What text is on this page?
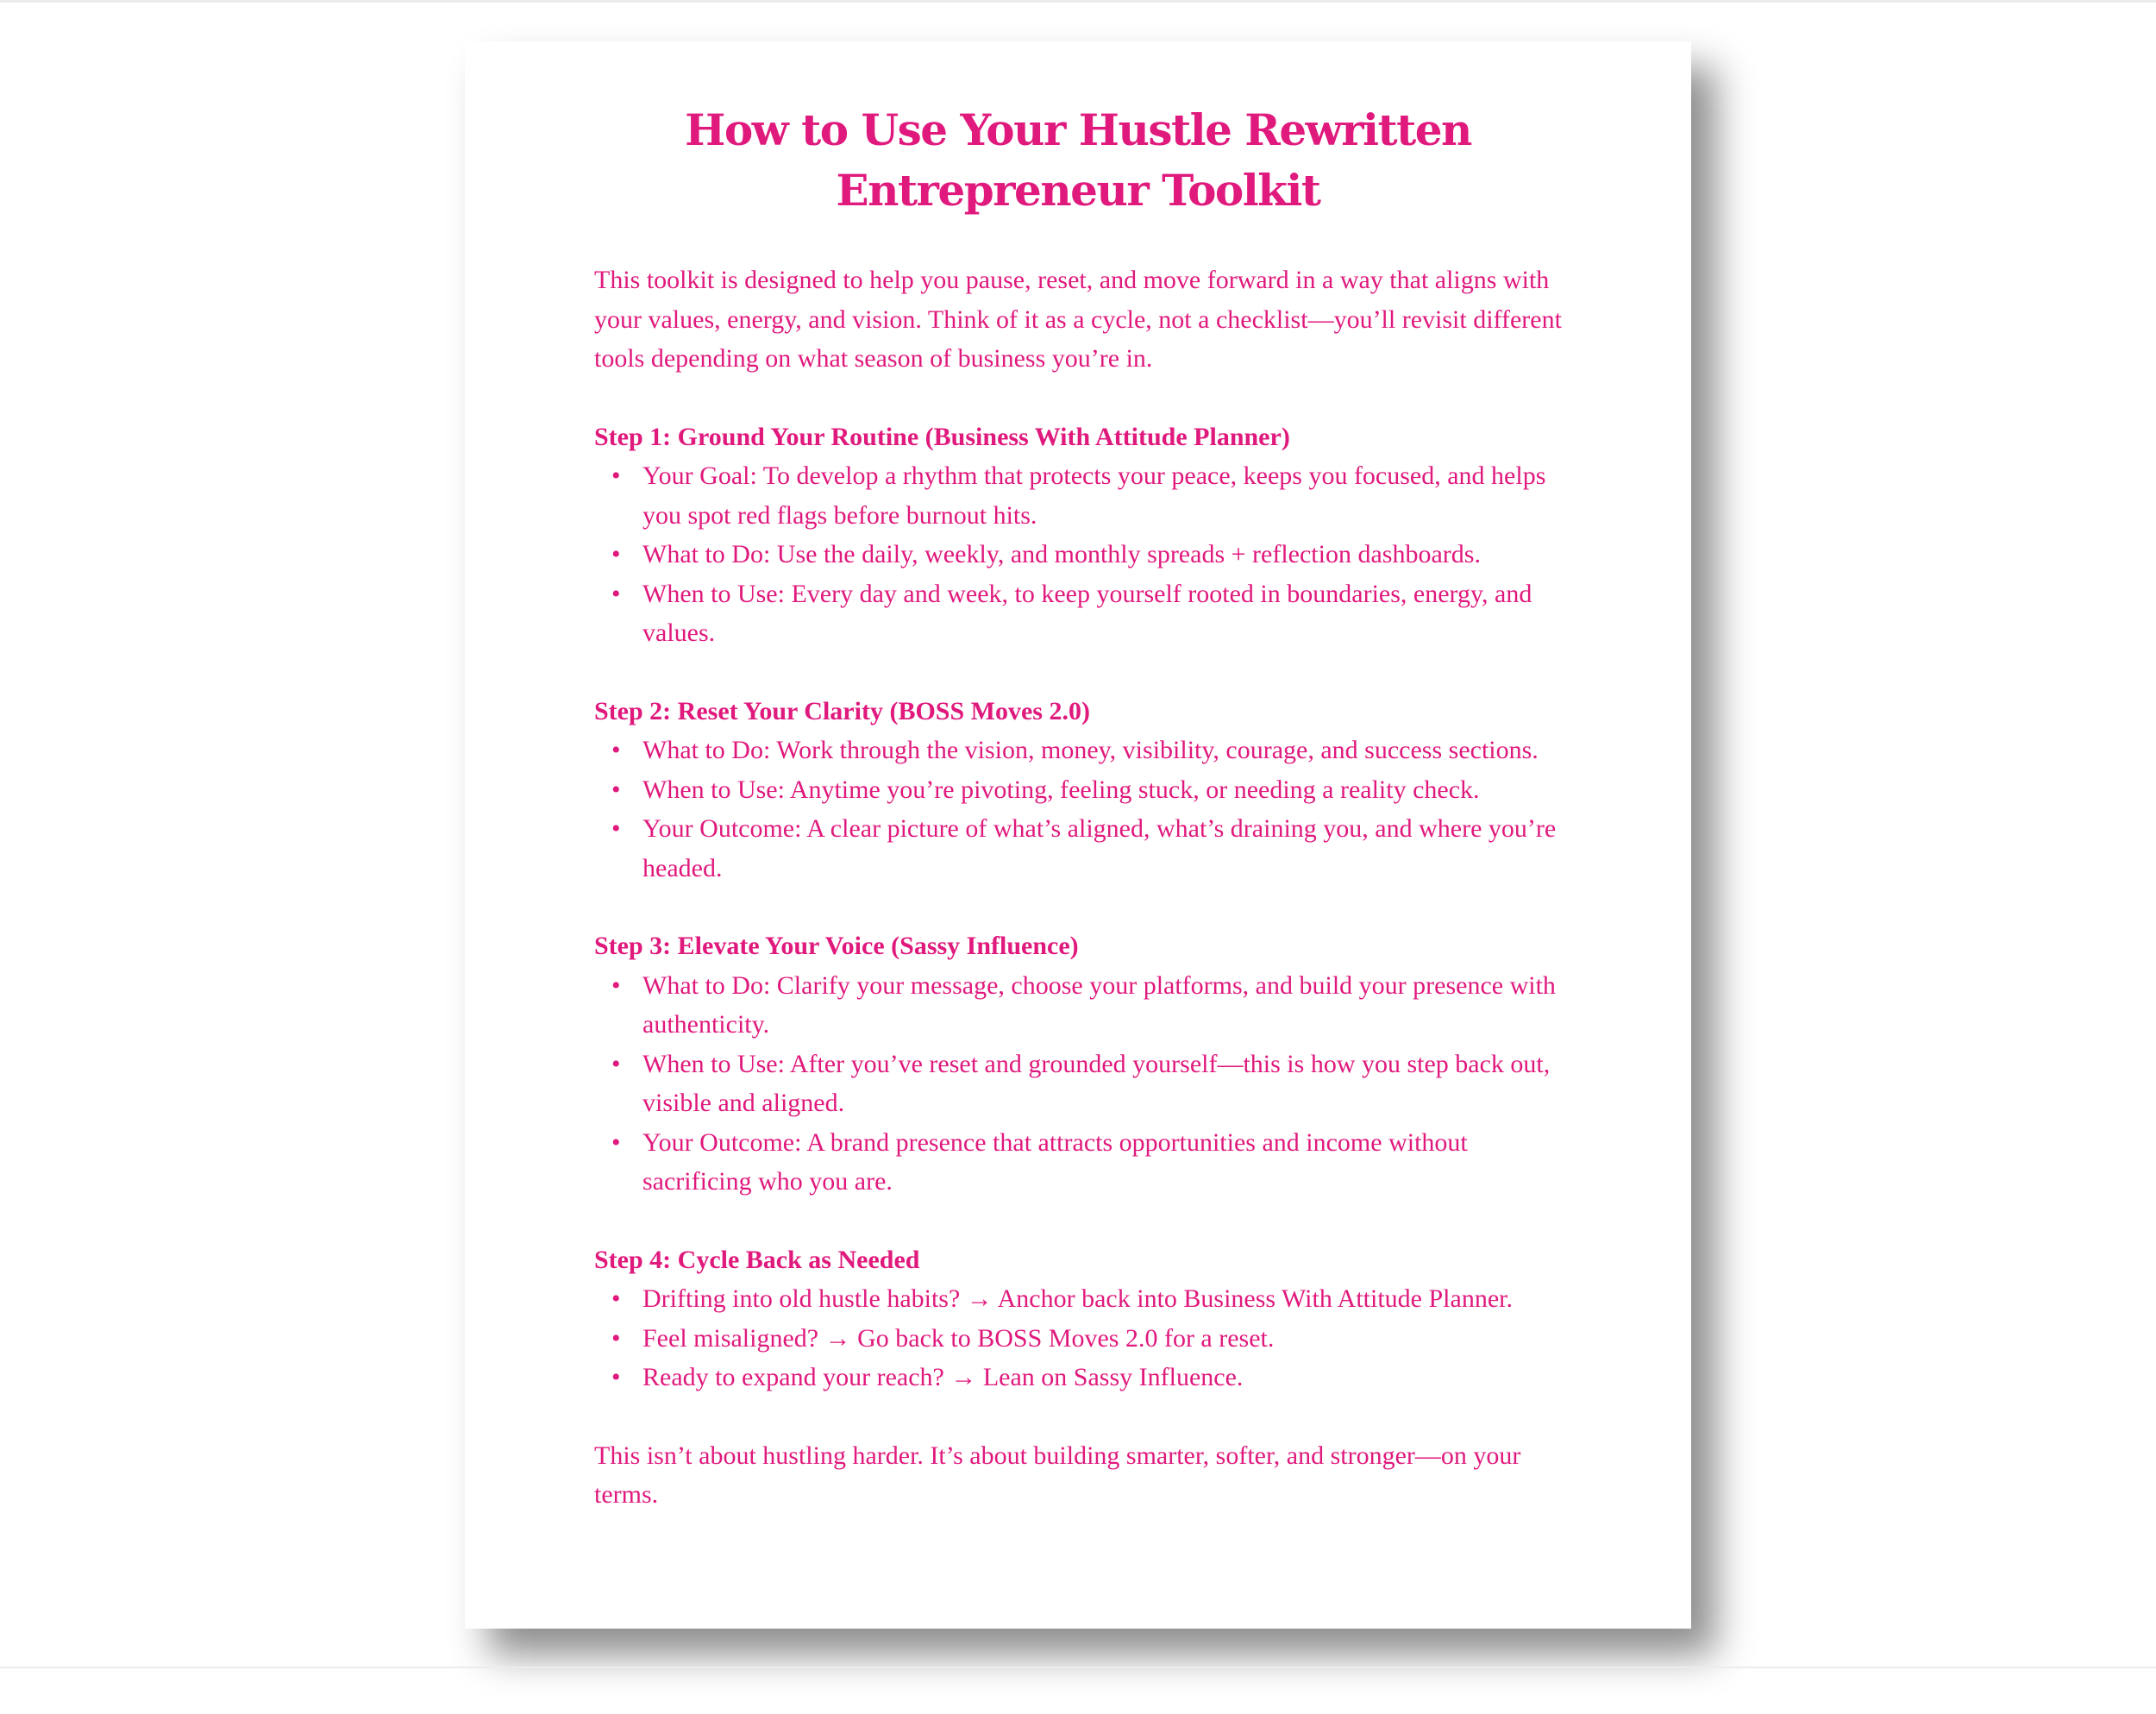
How to Use Your Hustle Rewritten
Entrepreneur Toolkit

This toolkit is designed to help you pause, reset, and move forward in a way that aligns with your values, energy, and vision. Think of it as a cycle, not a checklist—you’ll revisit different tools depending on what season of business you’re in.

Step 1: Ground Your Routine (Business With Attitude Planner)

• Your Goal: To develop a rhythm that protects your peace, keeps you focused, and helps you spot red flags before burnout hits.
• What to Do: Use the daily, weekly, and monthly spreads + reflection dashboards.
• When to Use: Every day and week, to keep yourself rooted in boundaries, energy, and values.

Step 2: Reset Your Clarity (BOSS Moves 2.0)

• What to Do: Work through the vision, money, visibility, courage, and success sections.
• When to Use: Anytime you’re pivoting, feeling stuck, or needing a reality check.
• Your Outcome: A clear picture of what’s aligned, what’s draining you, and where you’re headed.

Step 3: Elevate Your Voice (Sassy Influence)

• What to Do: Clarify your message, choose your platforms, and build your presence with authenticity.
• When to Use: After you’ve reset and grounded yourself—this is how you step back out, visible and aligned.
• Your Outcome: A brand presence that attracts opportunities and income without sacrificing who you are.

Step 4: Cycle Back as Needed

• Drifting into old hustle habits? → Anchor back into Business With Attitude Planner.
• Feel misaligned? → Go back to BOSS Moves 2.0 for a reset.
• Ready to expand your reach? → Lean on Sassy Influence.

This isn’t about hustling harder. It’s about building smarter, softer, and stronger—on your terms.
